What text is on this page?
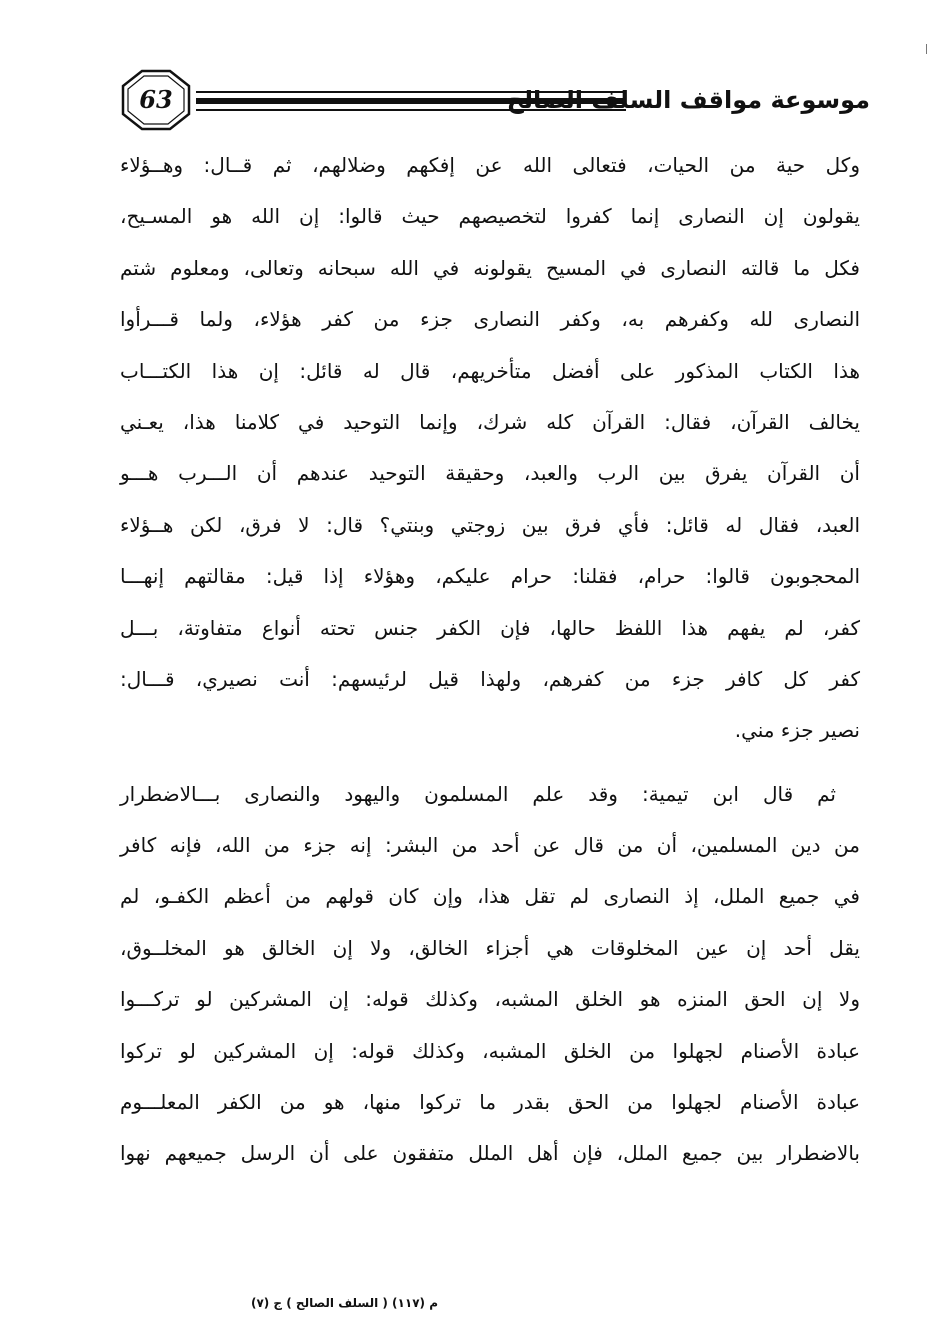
63	موسوعة مواقف السلف الصالح
وكل حية من الحيات، فتعالى الله عن إفكهم وضلالهم، ثم قــال: وهــؤلاء
يقولون إن النصارى إنما كفروا لتخصيصهم حيث قالوا: إن الله هو المسـيح،
فكل ما قالته النصارى في المسيح يقولونه في الله سبحانه وتعالى، ومعلوم شتم
النصارى لله وكفرهم به، وكفر النصارى جزء من كفر هؤلاء، ولما قـــرأوا
هذا الكتاب المذكور على أفضل متأخريهم، قال له قائل: إن هذا الكتـــاب
يخالف القرآن، فقال: القرآن كله شرك، وإنما التوحيد في كلامنا هذا، يعـني
أن القرآن يفرق بين الرب والعبد، وحقيقة التوحيد عندهم أن الـــرب هـــو
العبد، فقال له قائل: فأي فرق بين زوجتي وبنتي؟ قال: لا فرق، لكن هــؤلاء
المحجوبون قالوا: حرام، فقلنا: حرام عليكم، وهؤلاء إذا قيل: مقالتهم إنهـــا
كفر، لم يفهم هذا اللفظ حالها، فإن الكفر جنس تحته أنواع متفاوتة، بـــل
كفر كل كافر جزء من كفرهم، ولهذا قيل لرئيسهم: أنت نصيري، قـــال:
نصير جزء مني.
ثم قال ابن تيمية: وقد علم المسلمون واليهود والنصارى بـــالاضطرار
من دين المسلمين، أن من قال عن أحد من البشر: إنه جزء من الله، فإنه كافر
في جميع الملل، إذ النصارى لم تقل هذا، وإن كان قولهم من أعظم الكفـو، لم
يقل أحد إن عين المخلوقات هي أجزاء الخالق، ولا إن الخالق هو المخلــوق،
ولا إن الحق المنزه هو الخلق المشبه، وكذلك قوله: إن المشركين لو تركـــوا
عبادة الأصنام لجهلوا من الخلق المشبه، وكذلك قوله: إن المشركين لو تركوا
عبادة الأصنام لجهلوا من الحق بقدر ما تركوا منها، هو من الكفر المعلـــوم
بالاضطرار بين جميع الملل، فإن أهل الملل متفقون على أن الرسل جميعهم نهوا
م (١١٧) ( السلف الصالح ) ج (٧)
